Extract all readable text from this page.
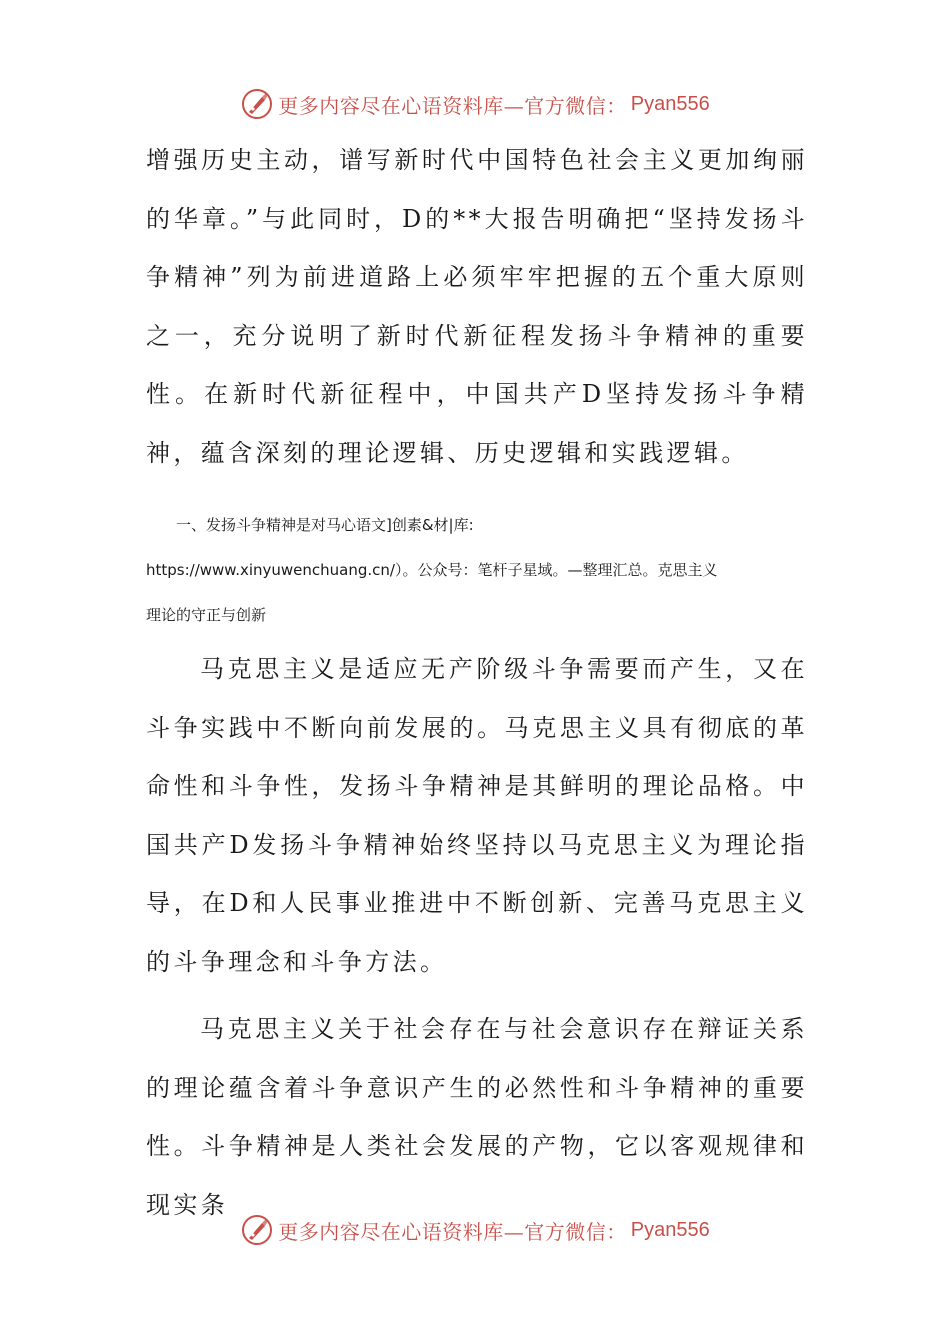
更多内容尽在心语资料库—官方微信： Pyan556

增强历史主动，谱写新时代中国特色社会主义更加绚丽的华章。”与此同时，D的**大报告明确把“坚持发扬斗争精神”列为前进道路上必须牢牢把握的五个重大原则之一，充分说明了新时代新征程发扬斗争精神的重要性。在新时代新征程中，中国共产D坚持发扬斗争精神，蕴含深刻的理论逻辑、历史逻辑和实践逻辑。

一、发扬斗争精神是对马心语文]创素&材|库:
https://www.xinyuwenchuang.cn/）。公众号：笔杆子星域。—整理汇总。克思主义
理论的守正与创新

马克思主义是适应无产阶级斗争需要而产生，又在斗争实践中不断向前发展的。马克思主义具有彻底的革命性和斗争性，发扬斗争精神是其鲜明的理论品格。中国共产D发扬斗争精神始终坚持以马克思主义为理论指导，在D和人民事业推进中不断创新、完善马克思主义的斗争理念和斗争方法。

马克思主义关于社会存在与社会意识存在辩证关系的理论蕴含着斗争意识产生的必然性和斗争精神的重要性。斗争精神是人类社会发展的产物，它以客观规律和现实条

更多内容尽在心语资料库—官方微信： Pyan556
